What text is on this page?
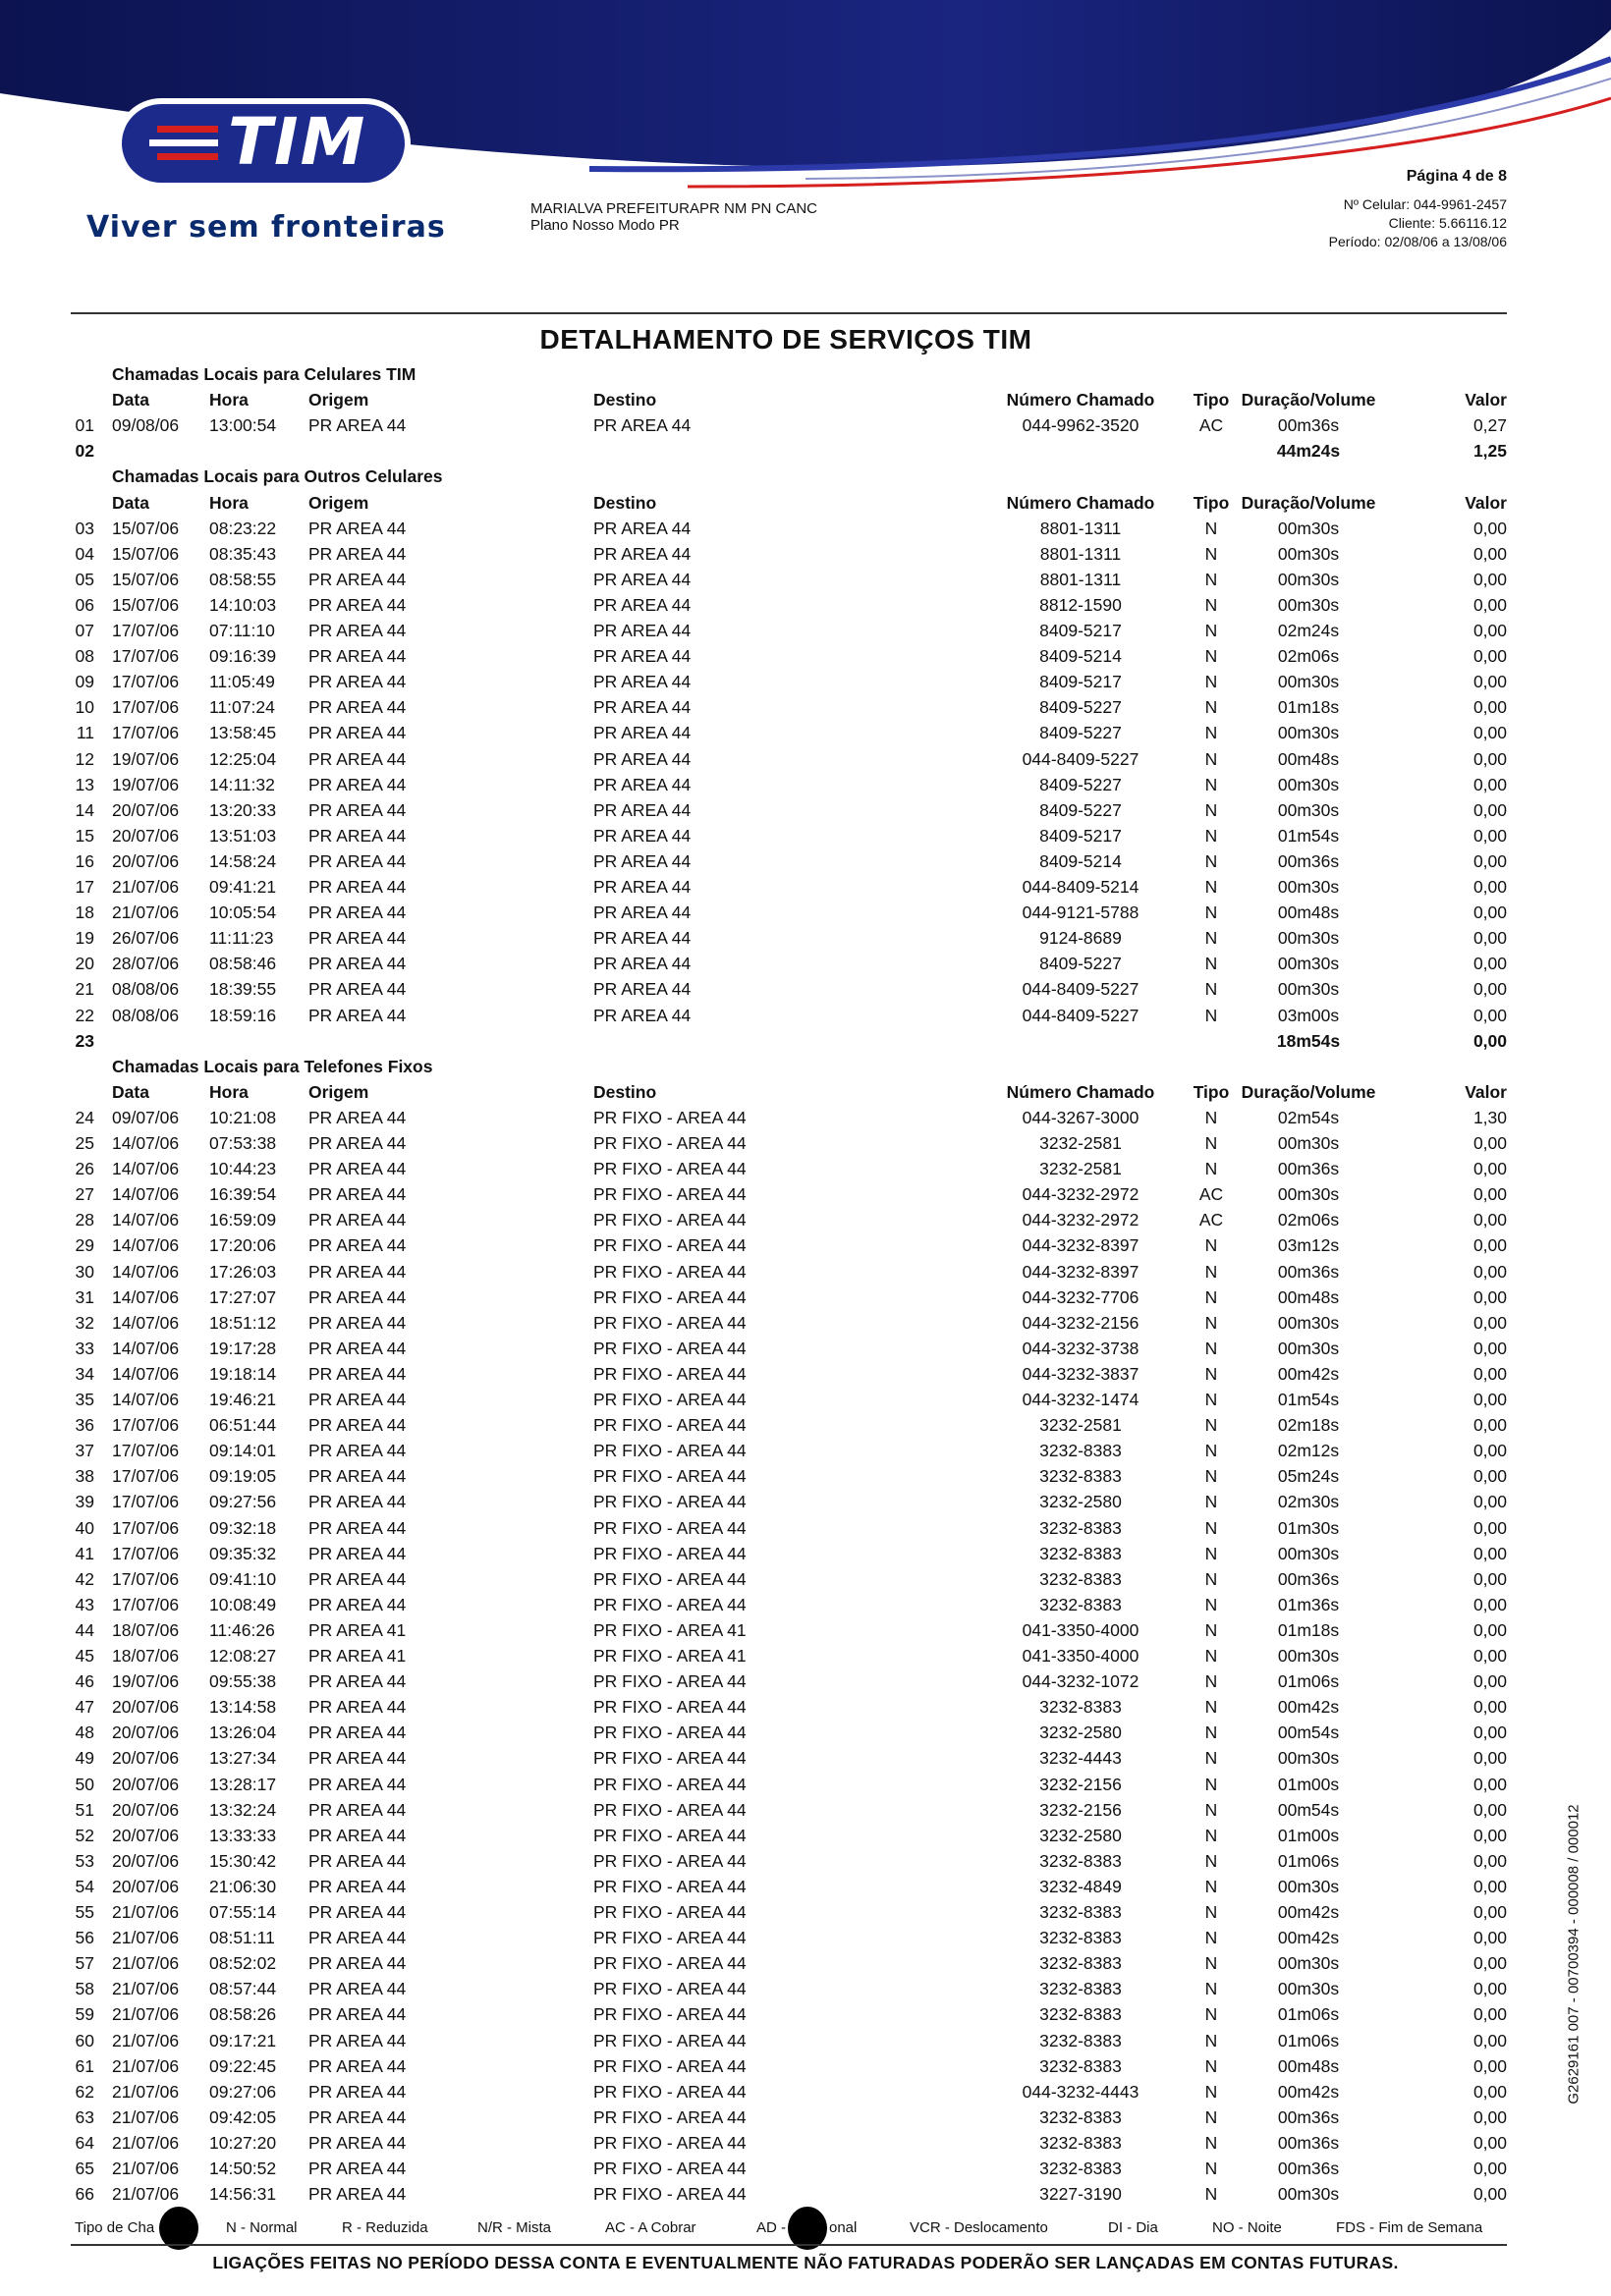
TIM
Viver sem fronteiras
MARIALVA PREFEITURAPR NM PN CANC
Plano Nosso Modo PR
Página 4 de 8
Nº Celular: 044-9961-2457
Cliente: 5.66116.12
Período: 02/08/06 a 13/08/06
DETALHAMENTO DE SERVIÇOS TIM
Chamadas Locais para Celulares TIM
Data	Hora	Origem	Destino	Número Chamado	Tipo Duração/Volume	Valor
01 09/08/06 13:00:54 PR AREA 44	PR AREA 44	044-9962-3520	AC	00m36s	0,27
02	44m24s	1,25
Chamadas Locais para Outros Celulares
Data	Hora	Origem	Destino	Número Chamado	Tipo Duração/Volume	Valor
03 15/07/06 08:23:22 PR AREA 44	PR AREA 44	8801-1311	N	00m30s	0,00
04 15/07/06 08:35:43 PR AREA 44	PR AREA 44	8801-1311	N	00m30s	0,00
05 15/07/06 08:58:55 PR AREA 44	PR AREA 44	8801-1311	N	00m30s	0,00
06 15/07/06 14:10:03 PR AREA 44	PR AREA 44	8812-1590	N	00m30s	0,00
07 17/07/06 07:11:10 PR AREA 44	PR AREA 44	8409-5217	N	02m24s	0,00
08 17/07/06 09:16:39 PR AREA 44	PR AREA 44	8409-5214	N	02m06s	0,00
09 17/07/06 11:05:49 PR AREA 44	PR AREA 44	8409-5217	N	00m30s	0,00
10 17/07/06 11:07:24 PR AREA 44	PR AREA 44	8409-5227	N	01m18s	0,00
11 17/07/06 13:58:45 PR AREA 44	PR AREA 44	8409-5227	N	00m30s	0,00
12 19/07/06 12:25:04 PR AREA 44	PR AREA 44	044-8409-5227	N	00m48s	0,00
13 19/07/06 14:11:32 PR AREA 44	PR AREA 44	8409-5227	N	00m30s	0,00
14 20/07/06 13:20:33 PR AREA 44	PR AREA 44	8409-5227	N	00m30s	0,00
15 20/07/06 13:51:03 PR AREA 44	PR AREA 44	8409-5217	N	01m54s	0,00
16 20/07/06 14:58:24 PR AREA 44	PR AREA 44	8409-5214	N	00m36s	0,00
17 21/07/06 09:41:21 PR AREA 44	PR AREA 44	044-8409-5214	N	00m30s	0,00
18 21/07/06 10:05:54 PR AREA 44	PR AREA 44	044-9121-5788	N	00m48s	0,00
19 26/07/06 11:11:23 PR AREA 44	PR AREA 44	9124-8689	N	00m30s	0,00
20 28/07/06 08:58:46 PR AREA 44	PR AREA 44	8409-5227	N	00m30s	0,00
21 08/08/06 18:39:55 PR AREA 44	PR AREA 44	044-8409-5227	N	00m30s	0,00
22 08/08/06 18:59:16 PR AREA 44	PR AREA 44	044-8409-5227	N	03m00s	0,00
23	18m54s	0,00
Chamadas Locais para Telefones Fixos
Data	Hora	Origem	Destino	Número Chamado	Tipo Duração/Volume	Valor
24 09/07/06 10:21:08 PR AREA 44	PR FIXO - AREA 44	044-3267-3000	N	02m54s	1,30
25 14/07/06 07:53:38 PR AREA 44	PR FIXO - AREA 44	3232-2581	N	00m30s	0,00
26 14/07/06 10:44:23 PR AREA 44	PR FIXO - AREA 44	3232-2581	N	00m36s	0,00
27 14/07/06 16:39:54 PR AREA 44	PR FIXO - AREA 44	044-3232-2972	AC	00m30s	0,00
28 14/07/06 16:59:09 PR AREA 44	PR FIXO - AREA 44	044-3232-2972	AC	02m06s	0,00
29 14/07/06 17:20:06 PR AREA 44	PR FIXO - AREA 44	044-3232-8397	N	03m12s	0,00
30 14/07/06 17:26:03 PR AREA 44	PR FIXO - AREA 44	044-3232-8397	N	00m36s	0,00
31 14/07/06 17:27:07 PR AREA 44	PR FIXO - AREA 44	044-3232-7706	N	00m48s	0,00
32 14/07/06 18:51:12 PR AREA 44	PR FIXO - AREA 44	044-3232-2156	N	00m30s	0,00
33 14/07/06 19:17:28 PR AREA 44	PR FIXO - AREA 44	044-3232-3738	N	00m30s	0,00
34 14/07/06 19:18:14 PR AREA 44	PR FIXO - AREA 44	044-3232-3837	N	00m42s	0,00
35 14/07/06 19:46:21 PR AREA 44	PR FIXO - AREA 44	044-3232-1474	N	01m54s	0,00
36 17/07/06 06:51:44 PR AREA 44	PR FIXO - AREA 44	3232-2581	N	02m18s	0,00
37 17/07/06 09:14:01 PR AREA 44	PR FIXO - AREA 44	3232-8383	N	02m12s	0,00
38 17/07/06 09:19:05 PR AREA 44	PR FIXO - AREA 44	3232-8383	N	05m24s	0,00
39 17/07/06 09:27:56 PR AREA 44	PR FIXO - AREA 44	3232-2580	N	02m30s	0,00
40 17/07/06 09:32:18 PR AREA 44	PR FIXO - AREA 44	3232-8383	N	01m30s	0,00
41 17/07/06 09:35:32 PR AREA 44	PR FIXO - AREA 44	3232-8383	N	00m30s	0,00
42 17/07/06 09:41:10 PR AREA 44	PR FIXO - AREA 44	3232-8383	N	00m36s	0,00
43 17/07/06 10:08:49 PR AREA 44	PR FIXO - AREA 44	3232-8383	N	01m36s	0,00
44 18/07/06 11:46:26 PR AREA 41	PR FIXO - AREA 41	041-3350-4000	N	01m18s	0,00
45 18/07/06 12:08:27 PR AREA 41	PR FIXO - AREA 41	041-3350-4000	N	00m30s	0,00
46 19/07/06 09:55:38 PR AREA 44	PR FIXO - AREA 44	044-3232-1072	N	01m06s	0,00
47 20/07/06 13:14:58 PR AREA 44	PR FIXO - AREA 44	3232-8383	N	00m42s	0,00
48 20/07/06 13:26:04 PR AREA 44	PR FIXO - AREA 44	3232-2580	N	00m54s	0,00
49 20/07/06 13:27:34 PR AREA 44	PR FIXO - AREA 44	3232-4443	N	00m30s	0,00
50 20/07/06 13:28:17 PR AREA 44	PR FIXO - AREA 44	3232-2156	N	01m00s	0,00
51 20/07/06 13:32:24 PR AREA 44	PR FIXO - AREA 44	3232-2156	N	00m54s	0,00
52 20/07/06 13:33:33 PR AREA 44	PR FIXO - AREA 44	3232-2580	N	01m00s	0,00
53 20/07/06 15:30:42 PR AREA 44	PR FIXO - AREA 44	3232-8383	N	01m06s	0,00
54 20/07/06 21:06:30 PR AREA 44	PR FIXO - AREA 44	3232-4849	N	00m30s	0,00
55 21/07/06 07:55:14 PR AREA 44	PR FIXO - AREA 44	3232-8383	N	00m42s	0,00
56 21/07/06 08:51:11 PR AREA 44	PR FIXO - AREA 44	3232-8383	N	00m42s	0,00
57 21/07/06 08:52:02 PR AREA 44	PR FIXO - AREA 44	3232-8383	N	00m30s	0,00
58 21/07/06 08:57:44 PR AREA 44	PR FIXO - AREA 44	3232-8383	N	00m30s	0,00
59 21/07/06 08:58:26 PR AREA 44	PR FIXO - AREA 44	3232-8383	N	01m06s	0,00
60 21/07/06 09:17:21 PR AREA 44	PR FIXO - AREA 44	3232-8383	N	01m06s	0,00
61 21/07/06 09:22:45 PR AREA 44	PR FIXO - AREA 44	3232-8383	N	00m48s	0,00
62 21/07/06 09:27:06 PR AREA 44	PR FIXO - AREA 44	044-3232-4443	N	00m42s	0,00
63 21/07/06 09:42:05 PR AREA 44	PR FIXO - AREA 44	3232-8383	N	00m36s	0,00
64 21/07/06 10:27:20 PR AREA 44	PR FIXO - AREA 44	3232-8383	N	00m36s	0,00
65 21/07/06 14:50:52 PR AREA 44	PR FIXO - AREA 44	3232-8383	N	00m36s	0,00
66 21/07/06 14:56:31 PR AREA 44	PR FIXO - AREA 44	3227-3190	N	00m30s	0,00
Tipo de Cha	N - Normal	R - Reduzida	N/R - Mista	AC - A Cobrar	AD -	onal	VCR - Deslocamento	DI - Dia	NO - Noite	FDS - Fim de Semana
LIGAÇÕES FEITAS NO PERÍODO DESSA CONTA E EVENTUALMENTE NÃO FATURADAS PODERÃO SER LANÇADAS EM CONTAS FUTURAS.
G2629161 007 - 00700394 - 000008 / 000012
